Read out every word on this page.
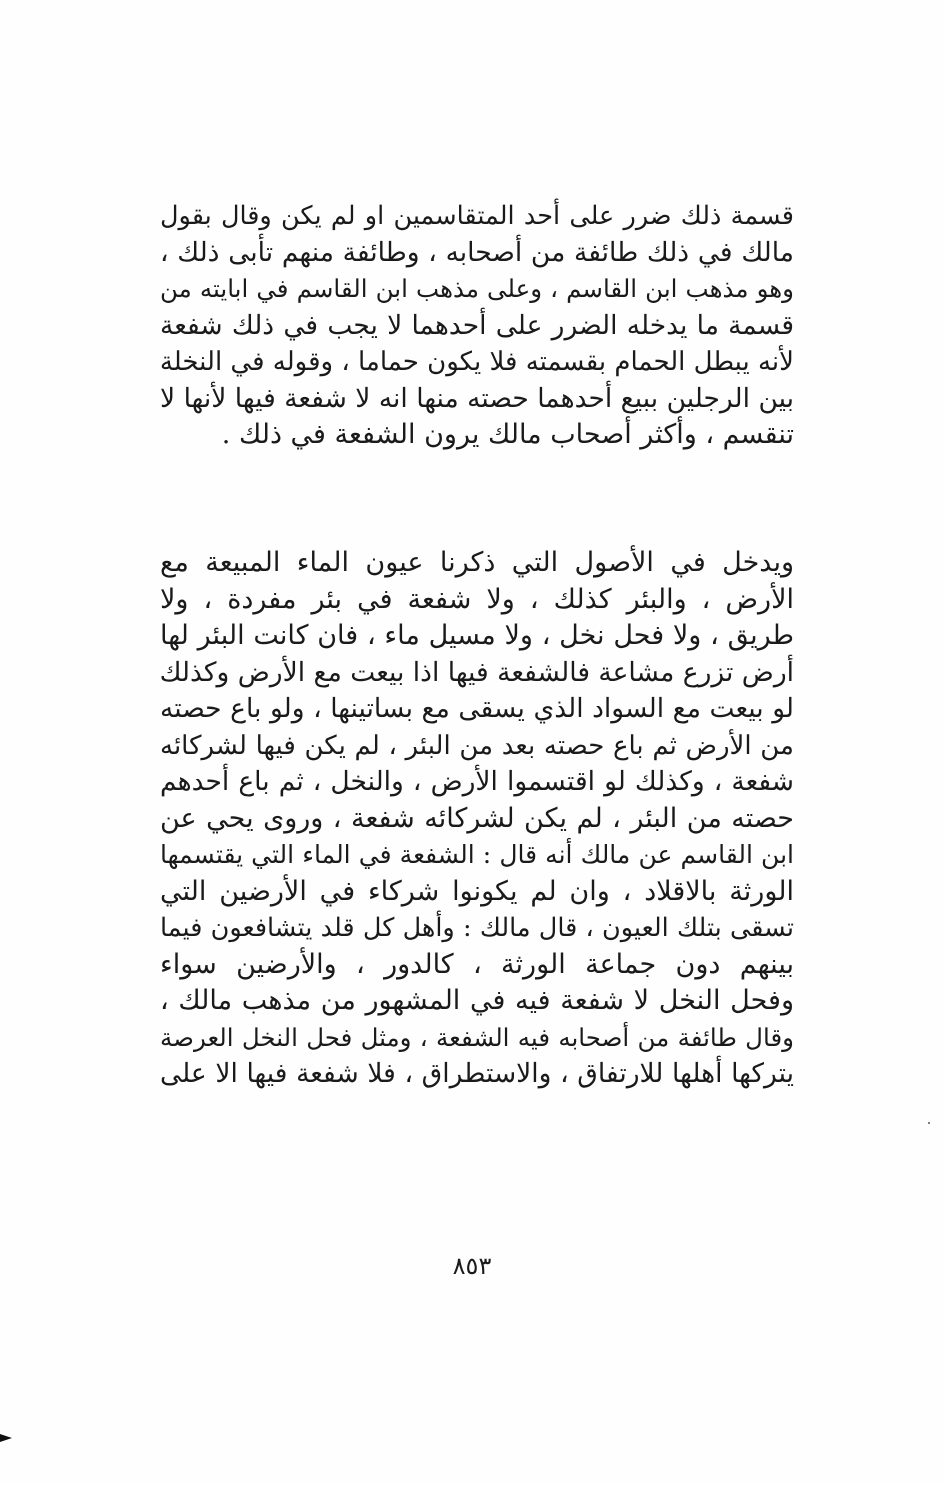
قسمة ذلك ضرر على أحد المتقاسمين او لم يكن وقال بقول
مالك في ذلك طائفة من أصحابه ، وطائفة منهم تأبى ذلك ،
وهو مذهب ابن القاسم ، وعلى مذهب ابن القاسم في ابايته من
قسمة ما يدخله الضرر على أحدهما لا يجب في ذلك شفعة
لأنه يبطل الحمام بقسمته فلا يكون حماما ، وقوله في النخلة
بين الرجلين ببيع أحدهما حصته منها انه لا شفعة فيها لأنها لا
تنقسم ، وأكثر أصحاب مالك يرون الشفعة في ذلك .
ويدخل في الأصول التي ذكرنا عيون الماء المبيعة مع
الأرض ، والبئر كذلك ، ولا شفعة في بئر مفردة ، ولا
طريق ، ولا فحل نخل ، ولا مسيل ماء ، فان كانت البئر لها
أرض تزرع مشاعة فالشفعة فيها اذا بيعت مع الأرض وكذلك
لو بيعت مع السواد الذي يسقى مع بساتينها ، ولو باع حصته
من الأرض ثم باع حصته بعد من البئر ، لم يكن فيها لشركائه
شفعة ، وكذلك لو اقتسموا الأرض ، والنخل ، ثم باع أحدهم
حصته من البئر ، لم يكن لشركائه شفعة ، وروى يحي عن
ابن القاسم عن مالك أنه قال : الشفعة في الماء التي يقتسمها
الورثة بالاقلاد ، وان لم يكونوا شركاء في الأرضين التي
تسقى بتلك العيون ، قال مالك : وأهل كل قلد يتشافعون فيما
بينهم دون جماعة الورثة ، كالدور ، والأرضين سواء
وفحل النخل لا شفعة فيه في المشهور من مذهب مالك ،
وقال طائفة من أصحابه فيه الشفعة ، ومثل فحل النخل العرصة
يتركها أهلها للارتفاق ، والاستطراق ، فلا شفعة فيها الا على
٨٥٣
